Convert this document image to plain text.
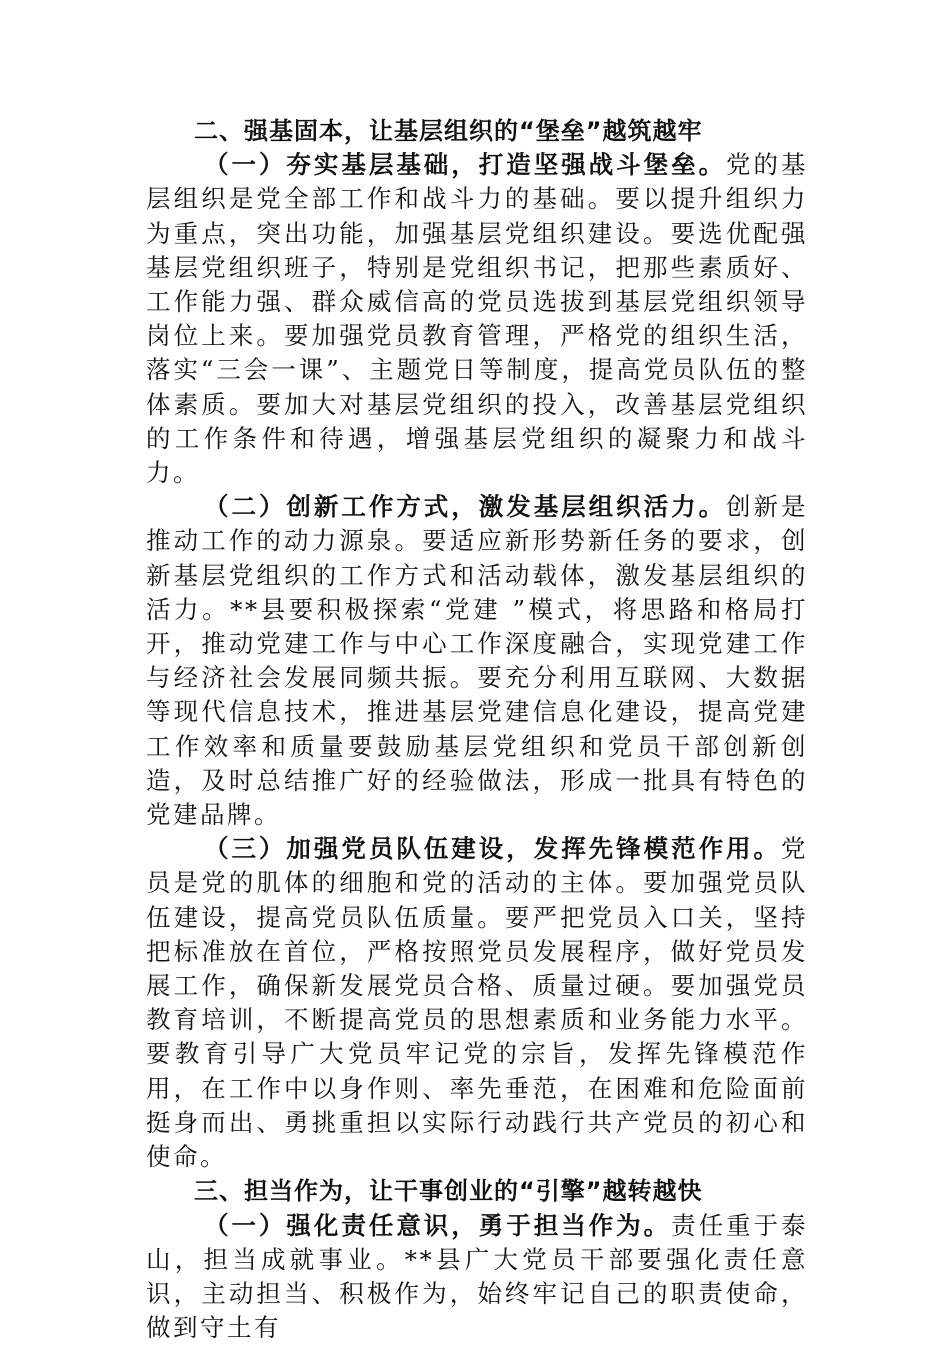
二、强基固本，让基层组织的“堡垒”越筑越牢

（一）夯实基层基础，打造坚强战斗堡垒。党的基层组织是党全部工作和战斗力的基础。要以提升组织力为重点，突出功能，加强基层党组织建设。要选优配强基层党组织班子，特别是党组织书记，把那些素质好、工作能力强、群众威信高的党员选拔到基层党组织领导岗位上来。要加强党员教育管理，严格党的组织生活，落实“三会一课”、主题党日等制度，提高党员队伍的整体素质。要加大对基层党组织的投入，改善基层党组织的工作条件和待遇，增强基层党组织的凝聚力和战斗力。

（二）创新工作方式，激发基层组织活力。创新是推动工作的动力源泉。要适应新形势新任务的要求，创新基层党组织的工作方式和活动载体，激发基层组织的活力。**县要积极探索“党建 ”模式，将思路和格局打开，推动党建工作与中心工作深度融合，实现党建工作与经济社会发展同频共振。要充分利用互联网、大数据等现代信息技术，推进基层党建信息化建设，提高党建工作效率和质量要鼓励基层党组织和党员干部创新创造，及时总结推广好的经验做法，形成一批具有特色的党建品牌。

（三）加强党员队伍建设，发挥先锋模范作用。党员是党的肌体的细胞和党的活动的主体。要加强党员队伍建设，提高党员队伍质量。要严把党员入口关，坚持把标准放在首位，严格按照党员发展程序，做好党员发展工作，确保新发展党员合格、质量过硬。要加强党员教育培训，不断提高党员的思想素质和业务能力水平。要教育引导广大党员牢记党的宗旨，发挥先锋模范作用，在工作中以身作则、率先垂范，在困难和危险面前挺身而出、勇挑重担以实际行动践行共产党员的初心和使命。

三、担当作为，让干事创业的“引擎”越转越快

（一）强化责任意识，勇于担当作为。责任重于泰山，担当成就事业。**县广大党员干部要强化责任意识，主动担当、积极作为，始终牢记自己的职责使命，做到守土有
